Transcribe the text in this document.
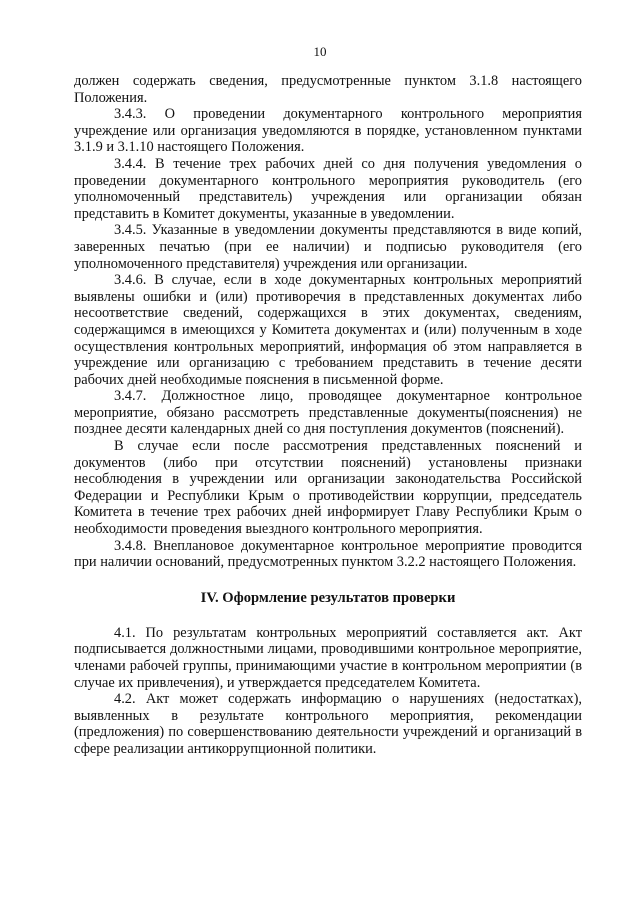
10

должен содержать сведения, предусмотренные пунктом 3.1.8 настоящего Положения.

3.4.3. О проведении документарного контрольного мероприятия учреждение или организация уведомляются в порядке, установленном пунктами 3.1.9 и 3.1.10 настоящего Положения.

3.4.4. В течение трех рабочих дней со дня получения уведомления о проведении документарного контрольного мероприятия руководитель (его уполномоченный представитель) учреждения или организации обязан представить в Комитет документы, указанные в уведомлении.

3.4.5. Указанные в уведомлении документы представляются в виде копий, заверенных печатью (при ее наличии) и подписью руководителя (его уполномоченного представителя) учреждения или организации.

3.4.6. В случае, если в ходе документарных контрольных мероприятий выявлены ошибки и (или) противоречия в представленных документах либо несоответствие сведений, содержащихся в этих документах, сведениям, содержащимся в имеющихся у Комитета документах и (или) полученным в ходе осуществления контрольных мероприятий, информация об этом направляется в учреждение или организацию с требованием представить в течение десяти рабочих дней необходимые пояснения в письменной форме.

3.4.7. Должностное лицо, проводящее документарное контрольное мероприятие, обязано рассмотреть представленные документы(пояснения) не позднее десяти календарных дней со дня поступления документов (пояснений).

В случае если после рассмотрения представленных пояснений и документов (либо при отсутствии пояснений) установлены признаки несоблюдения в учреждении или организации законодательства Российской Федерации и Республики Крым о противодействии коррупции, председатель Комитета в течение трех рабочих дней информирует Главу Республики Крым о необходимости проведения выездного контрольного мероприятия.

3.4.8. Внеплановое документарное контрольное мероприятие проводится при наличии оснований, предусмотренных пунктом 3.2.2 настоящего Положения.

IV. Оформление результатов проверки

4.1. По результатам контрольных мероприятий составляется акт. Акт подписывается должностными лицами, проводившими контрольное мероприятие, членами рабочей группы, принимающими участие в контрольном мероприятии (в случае их привлечения), и утверждается председателем Комитета.

4.2. Акт может содержать информацию о нарушениях (недостатках), выявленных в результате контрольного мероприятия, рекомендации (предложения) по совершенствованию деятельности учреждений и организаций в сфере реализации антикоррупционной политики.
